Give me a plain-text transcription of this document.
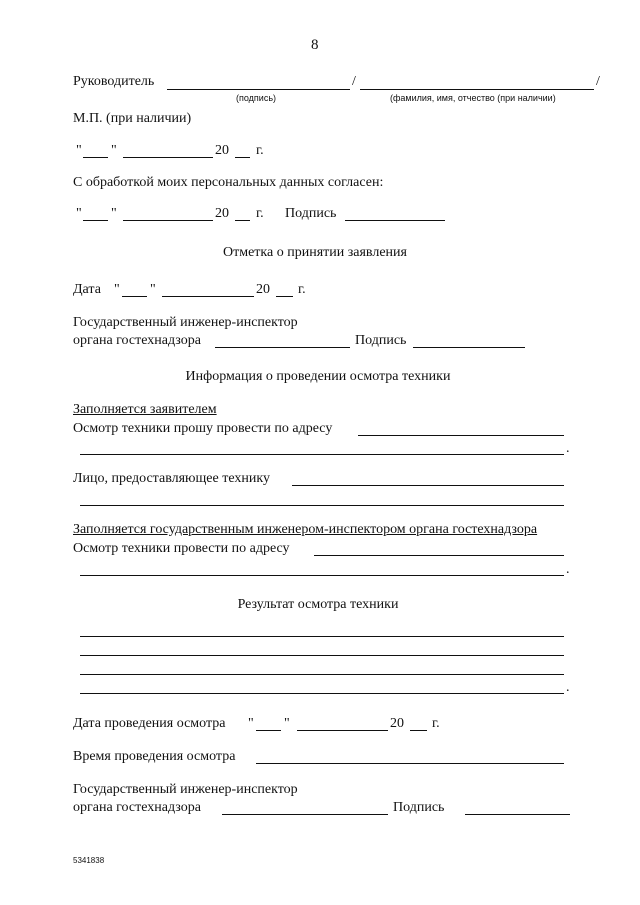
8
Руководитель	/	/
(подпись)	(фамилия, имя, отчество (при наличии)
М.П. (при наличии)
" "	20 г.
С обработкой моих персональных данных согласен:
" "	20 г. Подпись
Отметка о принятии заявления
Дата " "	20 г.
Государственный инженер-инспектор
органа гостехнадзора	Подпись
Информация о проведении осмотра техники
Заполняется заявителем
Осмотр техники прошу провести по адресу
.
Лицо, предоставляющее технику
Заполняется государственным инженером-инспектором органа гостехнадзора
Осмотр техники провести по адресу
.
Результат осмотра техники
.
Дата проведения осмотра " "	20 г.
Время проведения осмотра
Государственный инженер-инспектор
органа гостехнадзора	Подпись
5341838
